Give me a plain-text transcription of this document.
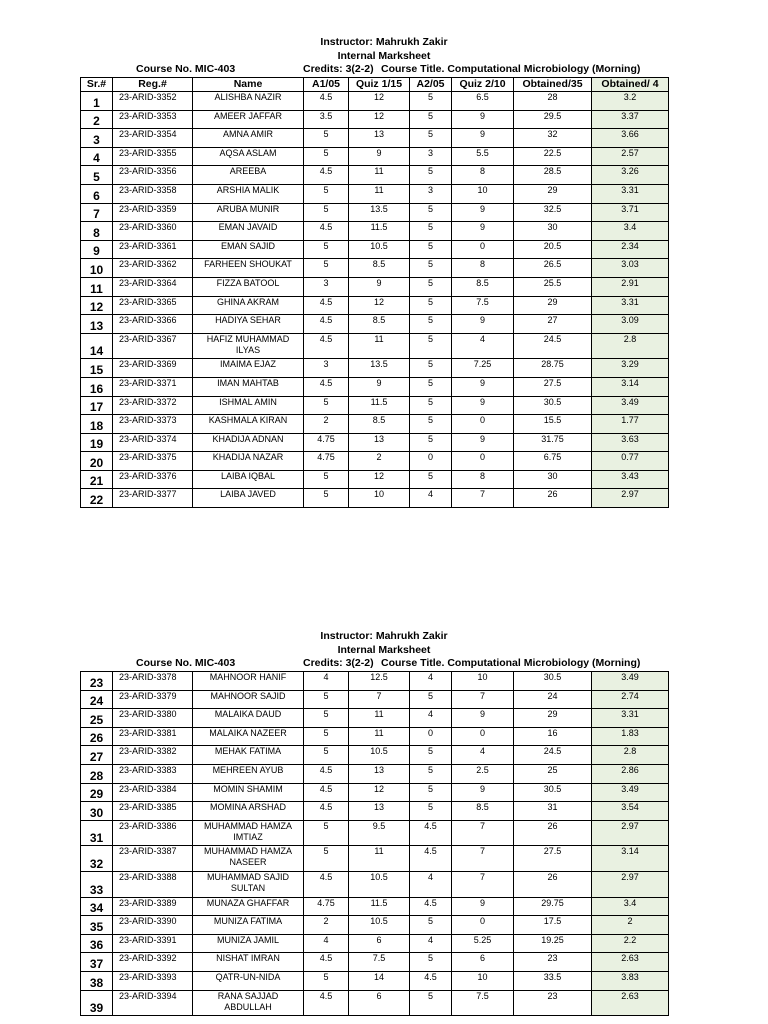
Instructor: Mahrukh Zakir
Internal Marksheet
Course No. MIC-403	Credits: 3(2-2) Course Title. Computational Microbiology (Morning)
Sr.#	Reg.#	Name	A1/05	Quiz 1/15	A2/05	Quiz 2/10	Obtained/35	Obtained/ 4
1	23-ARID-3352	ALISHBA NAZIR	4.5	12	5	6.5	28	3.2
2	23-ARID-3353	AMEER JAFFAR	3.5	12	5	9	29.5	3.37
3	23-ARID-3354	AMNA AMIR	5	13	5	9	32	3.66
4	23-ARID-3355	AQSA ASLAM	5	9	3	5.5	22.5	2.57
5	23-ARID-3356	AREEBA	4.5	11	5	8	28.5	3.26
6	23-ARID-3358	ARSHIA MALIK	5	11	3	10	29	3.31
7	23-ARID-3359	ARUBA MUNIR	5	13.5	5	9	32.5	3.71
8	23-ARID-3360	EMAN JAVAID	4.5	11.5	5	9	30	3.4
9	23-ARID-3361	EMAN SAJID	5	10.5	5	0	20.5	2.34
10	23-ARID-3362	FARHEEN SHOUKAT	5	8.5	5	8	26.5	3.03
11	23-ARID-3364	FIZZA BATOOL	3	9	5	8.5	25.5	2.91
12	23-ARID-3365	GHINA AKRAM	4.5	12	5	7.5	29	3.31
13	23-ARID-3366	HADIYA SEHAR	4.5	8.5	5	9	27	3.09
14	23-ARID-3367	HAFIZ MUHAMMAD ILYAS	4.5	11	5	4	24.5	2.8
15	23-ARID-3369	IMAIMA EJAZ	3	13.5	5	7.25	28.75	3.29
16	23-ARID-3371	IMAN MAHTAB	4.5	9	5	9	27.5	3.14
17	23-ARID-3372	ISHMAL AMIN	5	11.5	5	9	30.5	3.49
18	23-ARID-3373	KASHMALA KIRAN	2	8.5	5	0	15.5	1.77
19	23-ARID-3374	KHADIJA ADNAN	4.75	13	5	9	31.75	3.63
20	23-ARID-3375	KHADIJA NAZAR	4.75	2	0	0	6.75	0.77
21	23-ARID-3376	LAIBA IQBAL	5	12	5	8	30	3.43
22	23-ARID-3377	LAIBA JAVED	5	10	4	7	26	2.97
Instructor: Mahrukh Zakir
Internal Marksheet
Course No. MIC-403	Credits: 3(2-2) Course Title. Computational Microbiology (Morning)
23	23-ARID-3378	MAHNOOR HANIF	4	12.5	4	10	30.5	3.49
24	23-ARID-3379	MAHNOOR SAJID	5	7	5	7	24	2.74
25	23-ARID-3380	MALAIKA DAUD	5	11	4	9	29	3.31
26	23-ARID-3381	MALAIKA NAZEER	5	11	0	0	16	1.83
27	23-ARID-3382	MEHAK FATIMA	5	10.5	5	4	24.5	2.8
28	23-ARID-3383	MEHREEN AYUB	4.5	13	5	2.5	25	2.86
29	23-ARID-3384	MOMIN SHAMIM	4.5	12	5	9	30.5	3.49
30	23-ARID-3385	MOMINA ARSHAD	4.5	13	5	8.5	31	3.54
31	23-ARID-3386	MUHAMMAD HAMZA IMTIAZ	5	9.5	4.5	7	26	2.97
32	23-ARID-3387	MUHAMMAD HAMZA NASEER	5	11	4.5	7	27.5	3.14
33	23-ARID-3388	MUHAMMAD SAJID SULTAN	4.5	10.5	4	7	26	2.97
34	23-ARID-3389	MUNAZA GHAFFAR	4.75	11.5	4.5	9	29.75	3.4
35	23-ARID-3390	MUNIZA FATIMA	2	10.5	5	0	17.5	2
36	23-ARID-3391	MUNIZA JAMIL	4	6	4	5.25	19.25	2.2
37	23-ARID-3392	NISHAT IMRAN	4.5	7.5	5	6	23	2.63
38	23-ARID-3393	QATR-UN-NIDA	5	14	4.5	10	33.5	3.83
39	23-ARID-3394	RANA SAJJAD ABDULLAH	4.5	6	5	7.5	23	2.63
